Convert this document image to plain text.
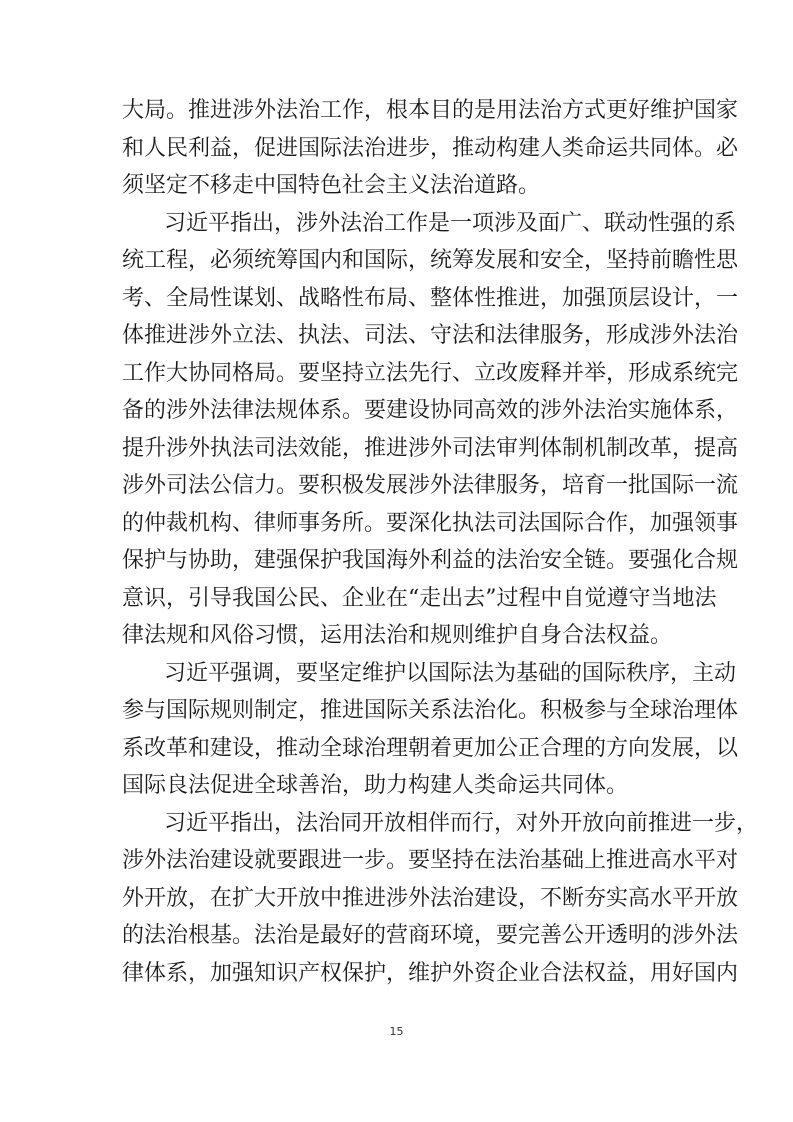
大局。推进涉外法治工作，根本目的是用法治方式更好维护国家
和人民利益，促进国际法治进步，推动构建人类命运共同体。必
须坚定不移走中国特色社会主义法治道路。
习近平指出，涉外法治工作是一项涉及面广、联动性强的系
统工程，必须统筹国内和国际，统筹发展和安全，坚持前瞻性思
考、全局性谋划、战略性布局、整体性推进，加强顶层设计，一
体推进涉外立法、执法、司法、守法和法律服务，形成涉外法治
工作大协同格局。要坚持立法先行、立改废释并举，形成系统完
备的涉外法律法规体系。要建设协同高效的涉外法治实施体系，
提升涉外执法司法效能，推进涉外司法审判体制机制改革，提高
涉外司法公信力。要积极发展涉外法律服务，培育一批国际一流
的仲裁机构、律师事务所。要深化执法司法国际合作，加强领事
保护与协助，建强保护我国海外利益的法治安全链。要强化合规
意识，引导我国公民、企业在“走出去”过程中自觉遵守当地法
律法规和风俗习惯，运用法治和规则维护自身合法权益。
习近平强调，要坚定维护以国际法为基础的国际秩序，主动
参与国际规则制定，推进国际关系法治化。积极参与全球治理体
系改革和建设，推动全球治理朝着更加公正合理的方向发展，以
国际良法促进全球善治，助力构建人类命运共同体。
习近平指出，法治同开放相伴而行，对外开放向前推进一步，
涉外法治建设就要跟进一步。要坚持在法治基础上推进高水平对
外开放，在扩大开放中推进涉外法治建设，不断夯实高水平开放
的法治根基。法治是最好的营商环境，要完善公开透明的涉外法
律体系，加强知识产权保护，维护外资企业合法权益，用好国内
15
